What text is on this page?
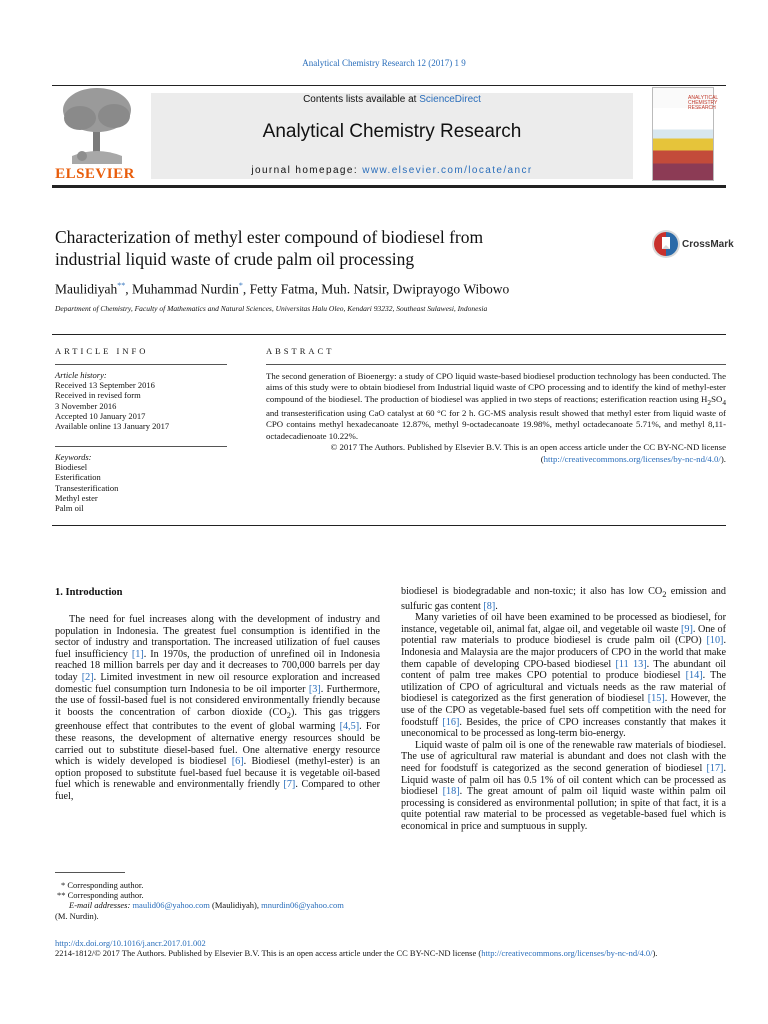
Analytical Chemistry Research 12 (2017) 1 9
ELSEVIER
Contents lists available at ScienceDirect
Analytical Chemistry Research
journal homepage: www.elsevier.com/locate/ancr
ANALYTICAL CHEMISTRY RESEARCH
Characterization of methyl ester compound of biodiesel from
industrial liquid waste of crude palm oil processing
CrossMark
Maulidiyah**, Muhammad Nurdin*, Fetty Fatma, Muh. Natsir, Dwiprayogo Wibowo
Department of Chemistry, Faculty of Mathematics and Natural Sciences, Universitas Halu Oleo, Kendari 93232, Southeast Sulawesi, Indonesia
ARTICLE INFO
Article history:
Received 13 September 2016
Received in revised form
3 November 2016
Accepted 10 January 2017
Available online 13 January 2017
Keywords:
Biodiesel
Esterification
Transesterification
Methyl ester
Palm oil
ABSTRACT
The second generation of Bioenergy: a study of CPO liquid waste-based biodiesel production technology has been conducted. The aims of this study were to obtain biodiesel from Industrial liquid waste of CPO processing and to identify the kind of methyl-ester compound of the biodiesel. The production of biodiesel was applied in two steps of reactions; esterification reaction using $H_2SO_4$ and transesterification using CaO catalyst at 60 °C for 2 h. GC-MS analysis result showed that methyl ester from liquid waste of CPO contains methyl hexadecanoate 12.87%, methyl 9-octadecanoate 19.98%, methyl octadecanoate 5.71%, and methyl 8,11-octadecadienoate 10.22%.
© 2017 The Authors. Published by Elsevier B.V. This is an open access article under the CC BY-NC-ND license (http://creativecommons.org/licenses/by-nc-nd/4.0/).
1. Introduction

The need for fuel increases along with the development of industry and population in Indonesia. The greatest fuel consumption is identified in the sector of industry and transportation. The increased utilization of fuel causes fuel insufficiency [1]. In 1970s, the production of unrefined oil in Indonesia reached 18 million barrels per day and it decreases to 700,000 barrels per day today [2]. Limited investment in new oil resource exploration and increased domestic fuel consumption turn Indonesia to be oil importer [3]. Furthermore, the use of fossil-based fuel is not considered environmentally friendly because it boosts the concentration of carbon dioxide $(CO_2)$. This gas triggers greenhouse effect that contributes to the event of global warming [4,5]. For these reasons, the development of alternative energy resources should be carried out to substitute diesel-based fuel. One alternative energy resource which is widely developed is biodiesel [6]. Biodiesel (methyl-ester) is an option proposed to substitute fuel-based fuel because it is vegetable oil-based fuel which is renewable and environmentally friendly [7]. Compared to other fuel,

biodiesel is biodegradable and non-toxic; it also has low $CO_2$ emission and sulfuric gas content [8].

Many varieties of oil have been examined to be processed as biodiesel, for instance, vegetable oil, animal fat, algae oil, and vegetable oil waste [9]. One of potential raw materials to produce biodiesel is crude palm oil (CPO) [10]. Indonesia and Malaysia are the major producers of CPO in the world that make them capable of developing CPO-based biodiesel [11 13]. The abundant oil content of palm tree makes CPO potential to produce biodiesel [14]. The utilization of CPO of agricultural and victuals needs as the raw material of biodiesel is categorized as the first generation of biodiesel [15]. However, the use of the CPO as vegetable-based fuel sets off competition with the need for foodstuff [16]. Besides, the price of CPO increases constantly that makes it uneconomical to be processed as long-term bio-energy.

Liquid waste of palm oil is one of the renewable raw materials of biodiesel. The use of agricultural raw material is abundant and does not clash with the need for foodstuff is categorized as the second generation of biodiesel [17]. Liquid waste of palm oil has 0.5 1% of oil content which can be processed as biodiesel [18]. The great amount of palm oil liquid waste within palm oil processing is considered as environmental pollution; in spite of that fact, it is a quite potential raw material to be processed as vegetable-based fuel which is economical in price and sumptuous in supply.

* Corresponding author.
** Corresponding author.
E-mail addresses: maulid06@yahoo.com (Maulidiyah), mnurdin06@yahoo.com
(M. Nurdin).
http://dx.doi.org/10.1016/j.ancr.2017.01.002
2214-1812/© 2017 The Authors. Published by Elsevier B.V. This is an open access article under the CC BY-NC-ND license (http://creativecommons.org/licenses/by-nc-nd/4.0/).
